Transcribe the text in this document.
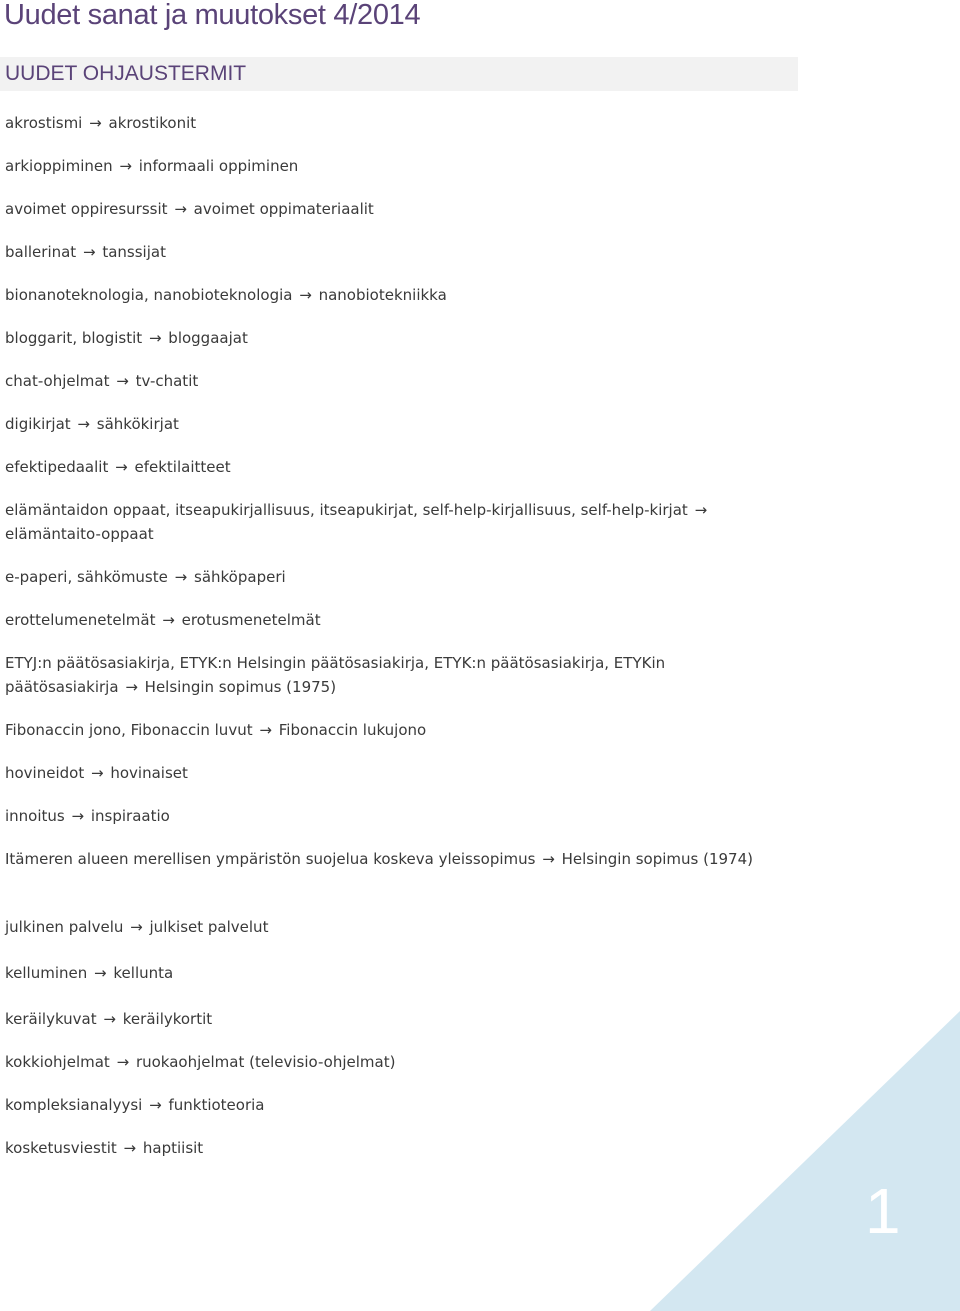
Uudet sanat ja muutokset 4/2014
UUDET OHJAUSTERMIT

akrostismi → akrostikonit

arkioppiminen → informaali oppiminen

avoimet oppiresurssit → avoimet oppimateriaalit

ballerinat → tanssijat

bionanoteknologia, nanobioteknologia → nanobiotekniikka

bloggarit, blogistit → bloggaajat

chat-ohjelmat → tv-chatit

digikirjat → sähkökirjat

efektipedaalit → efektilaitteet

elämäntaidon oppaat, itseapukirjallisuus, itseapukirjat, self-help-kirjallisuus, self-help-kirjat → elämäntaito-oppaat

e-paperi, sähkömuste → sähköpaperi

erottelumenetelmät → erotusmenetelmät

ETYJ:n päätösasiakirja, ETYK:n Helsingin päätösasiakirja, ETYK:n päätösasiakirja, ETYKin päätösasiakirja → Helsingin sopimus (1975)

Fibonaccin jono, Fibonaccin luvut → Fibonaccin lukujono

hovineidot → hovinaiset

innoitus → inspiraatio

Itämeren alueen merellisen ympäristön suojelua koskeva yleissopimus → Helsingin sopimus (1974)

julkinen palvelu → julkiset palvelut

kelluminen → kellunta

keräilykuvat → keräilykortit

kokkiohjelmat → ruokaohjelmat (televisio-ohjelmat)

kompleksianalyysi → funktioteoria

kosketusviestit → haptiisit

1
